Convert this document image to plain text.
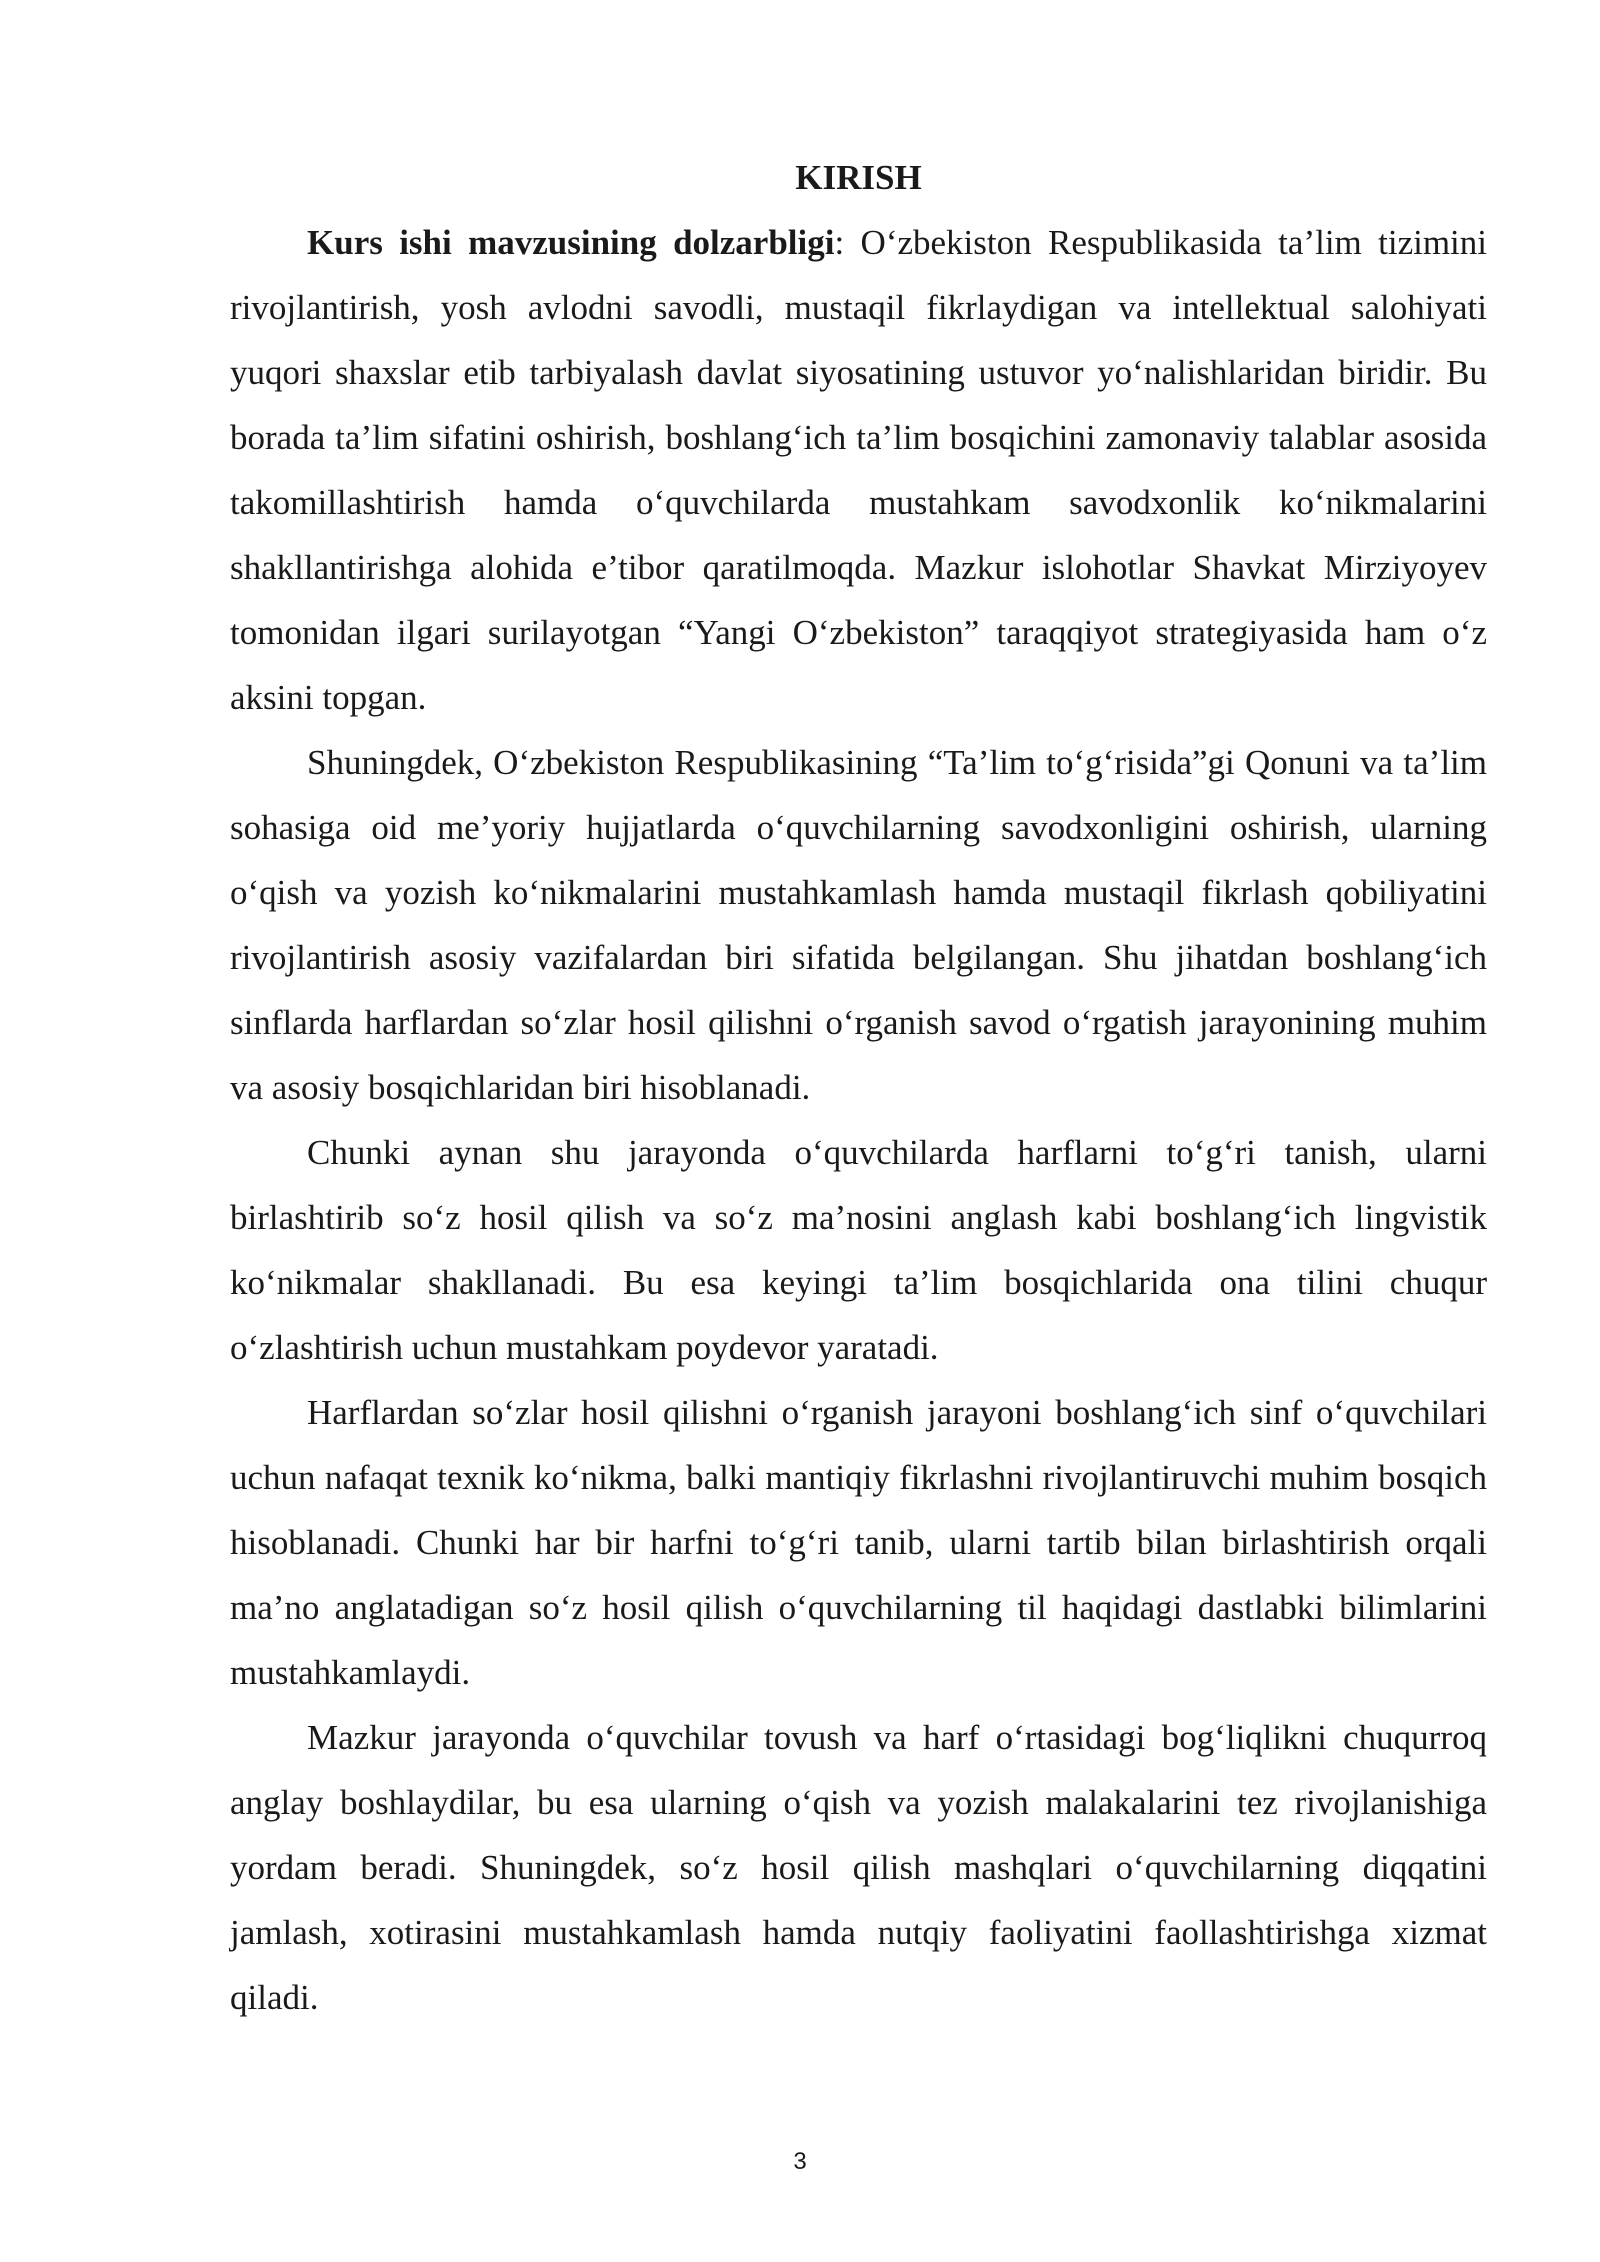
KIRISH

Kurs ishi mavzusining dolzarbligi: O‘zbekiston Respublikasida ta’lim tizimini rivojlantirish, yosh avlodni savodli, mustaqil fikrlaydigan va intellektual salohiyati yuqori shaxslar etib tarbiyalash davlat siyosatining ustuvor yo‘nalishlaridan biridir. Bu borada ta’lim sifatini oshirish, boshlang‘ich ta’lim bosqichini zamonaviy talablar asosida takomillashtirish hamda o‘quvchilarda mustahkam savodxonlik ko‘nikmalarini shakllantirishga alohida e’tibor qaratilmoqda. Mazkur islohotlar Shavkat Mirziyoyev tomonidan ilgari surilayotgan “Yangi O‘zbekiston” taraqqiyot strategiyasida ham o‘z aksini topgan.

Shuningdek, O‘zbekiston Respublikasining “Ta’lim to‘g‘risida”gi Qonuni va ta’lim sohasiga oid me’yoriy hujjatlarda o‘quvchilarning savodxonligini oshirish, ularning o‘qish va yozish ko‘nikmalarini mustahkamlash hamda mustaqil fikrlash qobiliyatini rivojlantirish asosiy vazifalardan biri sifatida belgilangan. Shu jihatdan boshlang‘ich sinflarda harflardan so‘zlar hosil qilishni o‘rganish savod o‘rgatish jarayonining muhim va asosiy bosqichlaridan biri hisoblanadi.

Chunki aynan shu jarayonda o‘quvchilarda harflarni to‘g‘ri tanish, ularni birlashtirib so‘z hosil qilish va so‘z ma’nosini anglash kabi boshlang‘ich lingvistik ko‘nikmalar shakllanadi. Bu esa keyingi ta’lim bosqichlarida ona tilini chuqur o‘zlashtirish uchun mustahkam poydevor yaratadi.

Harflardan so‘zlar hosil qilishni o‘rganish jarayoni boshlang‘ich sinf o‘quvchilari uchun nafaqat texnik ko‘nikma, balki mantiqiy fikrlashni rivojlantiruvchi muhim bosqich hisoblanadi. Chunki har bir harfni to‘g‘ri tanib, ularni tartib bilan birlashtirish orqali ma’no anglatadigan so‘z hosil qilish o‘quvchilarning til haqidagi dastlabki bilimlarini mustahkamlaydi.

Mazkur jarayonda o‘quvchilar tovush va harf o‘rtasidagi bog‘liqlikni chuqurroq anglay boshlaydilar, bu esa ularning o‘qish va yozish malakalarini tez rivojlanishiga yordam beradi. Shuningdek, so‘z hosil qilish mashqlari o‘quvchilarning diqqatini jamlash, xotirasini mustahkamlash hamda nutqiy faoliyatini faollashtirishga xizmat qiladi.

3
